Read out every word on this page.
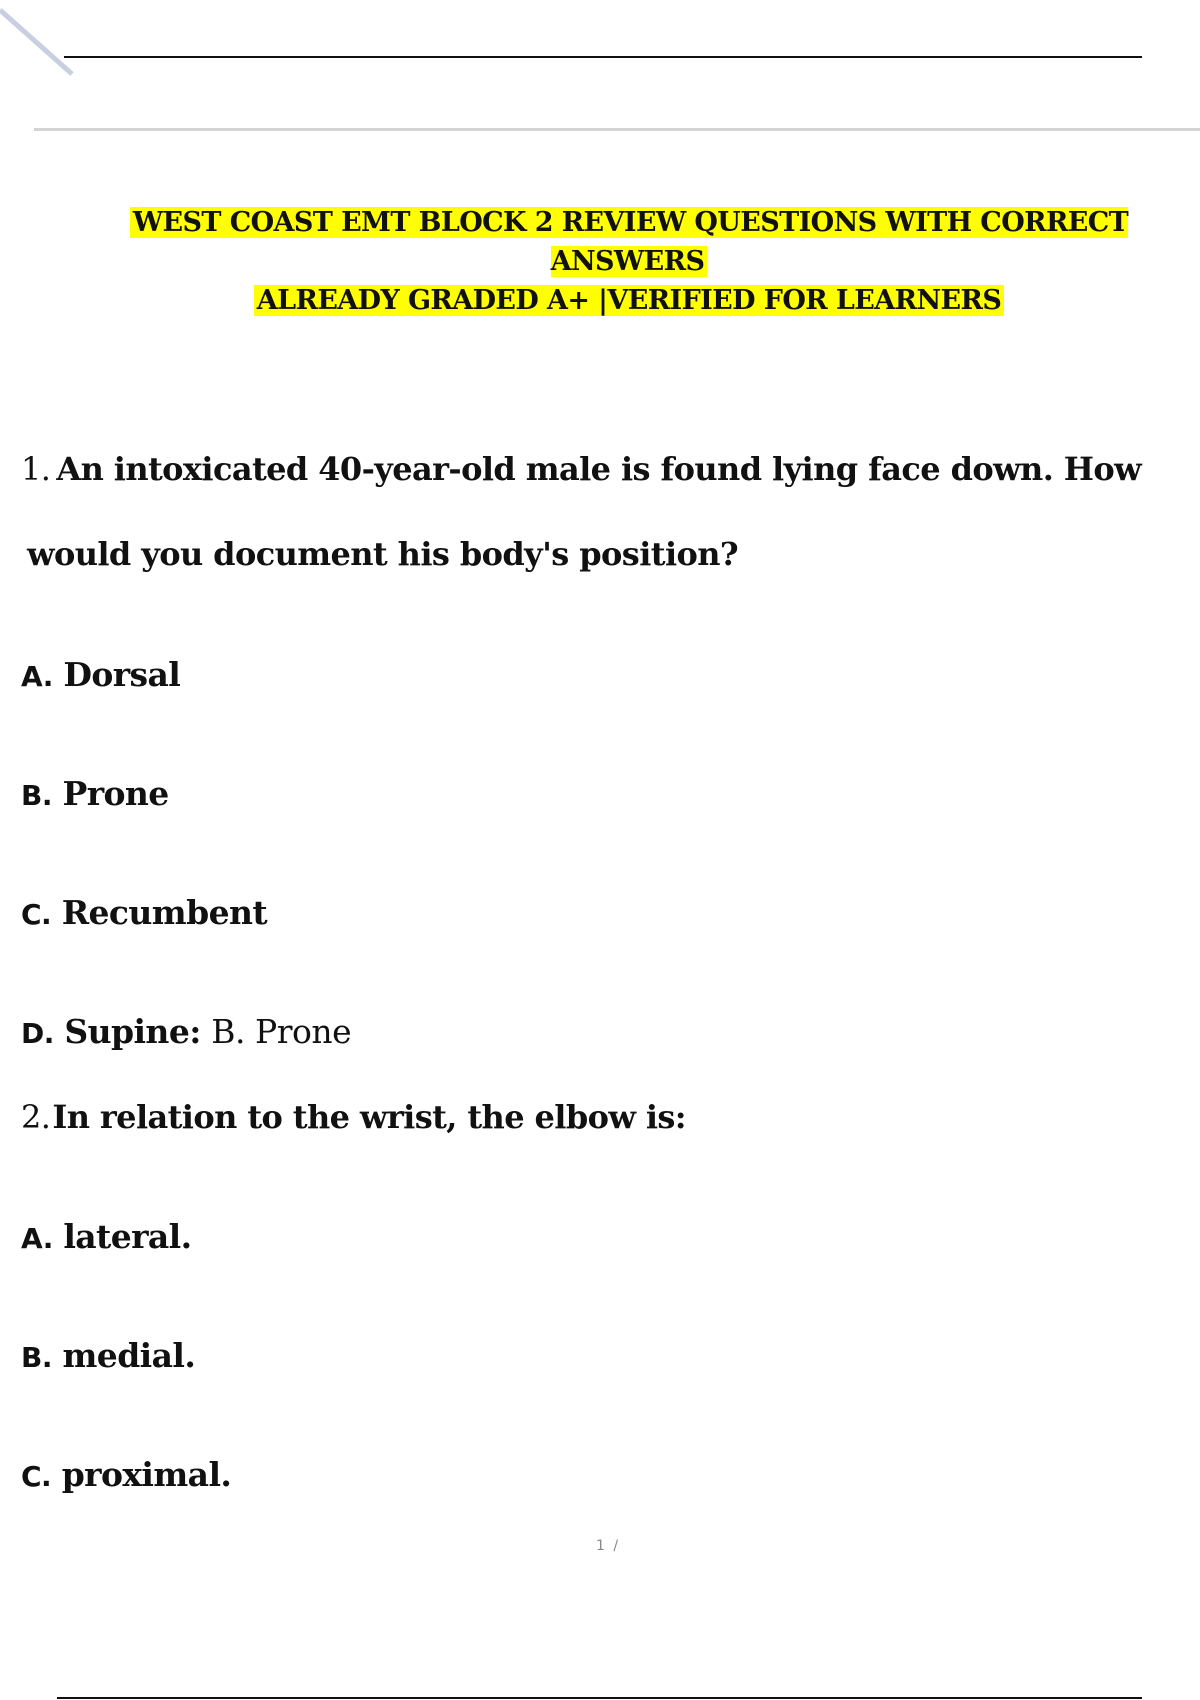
WEST COAST EMT BLOCK 2 REVIEW QUESTIONS WITH CORRECT ANSWERS
ALREADY GRADED A+ |VERIFIED FOR LEARNERS
1. An intoxicated 40-year-old male is found lying face down. How
would you document his body's position?
A. Dorsal
B. Prone
C. Recumbent
D. Supine: B. Prone
2.In relation to the wrist, the elbow is:
A. lateral.
B. medial.
C. proximal.
1 /
